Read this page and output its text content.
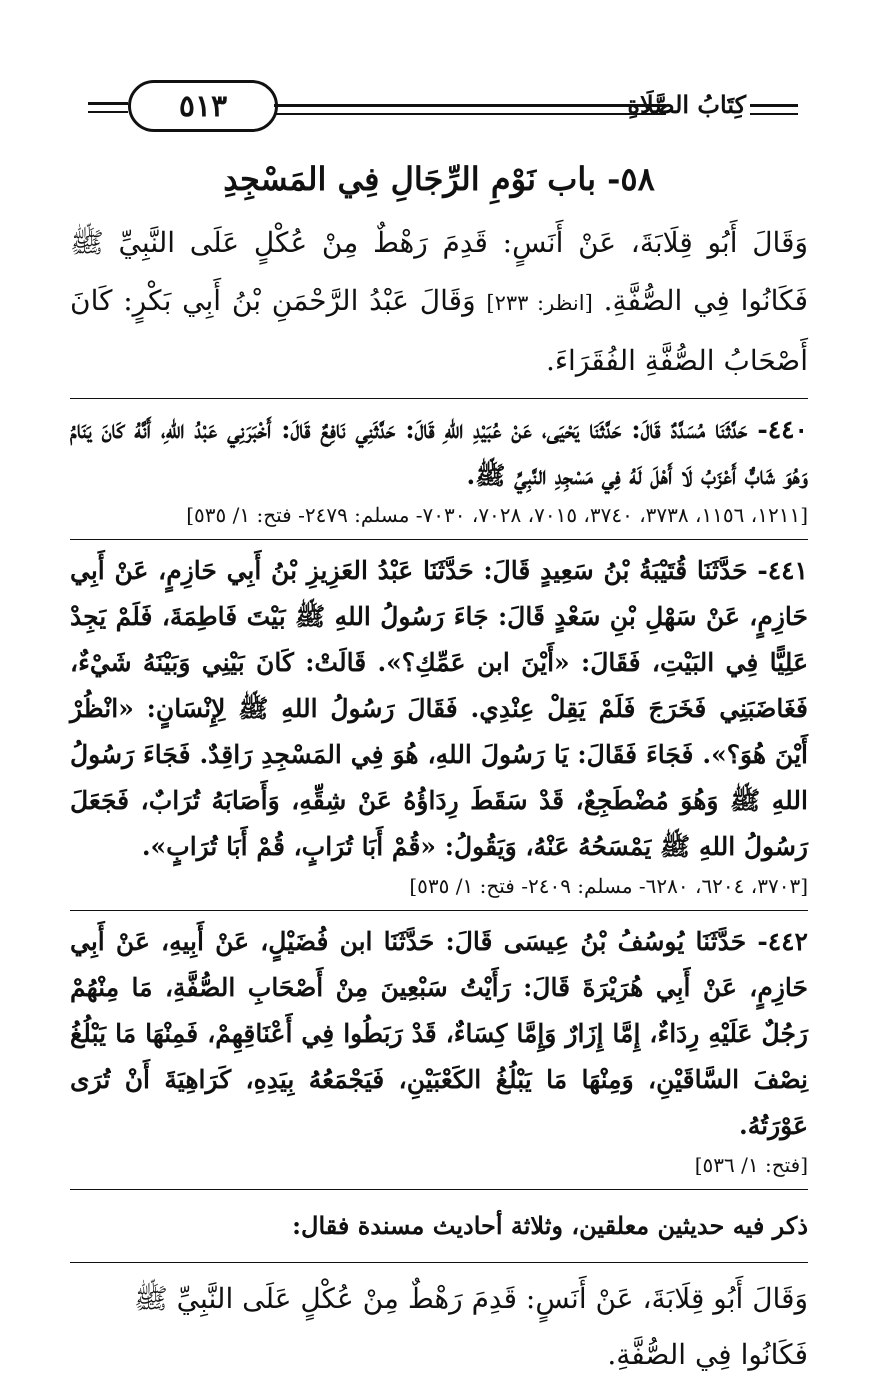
٥١٣	كِتَابُ الصَّلَاةِ
٥٨- باب نَوْمِ الرِّجَالِ فِي المَسْجِدِ

وَقَالَ أَبُو قِلَابَةَ، عَنْ أَنَسٍ: قَدِمَ رَهْطٌ مِنْ عُكْلٍ عَلَى النَّبِيِّ ﷺ فَكَانُوا فِي الصُّفَّةِ. [انظر: ٢٣٣] وَقَالَ عَبْدُ الرَّحْمَنِ بْنُ أَبِي بَكْرٍ: كَانَ أَصْحَابُ الصُّفَّةِ الفُقَرَاءَ.

٤٤٠- حَدَّثَنَا مُسَدَّدٌ قَالَ: حَدَّثَنَا يَحْيَى، عَنْ عُبَيْدِ اللهِ قَالَ: حَدَّثَنِي نَافِعٌ قَالَ: أَخْبَرَنِي عَبْدُ اللهِ، أَنَّهُ كَانَ يَنَامُ وَهُوَ شَابٌّ أَعْزَبُ لَا أَهْلَ لَهُ فِي مَسْجِدِ النَّبِيِّ ﷺ.

[١٢١١، ١١٥٦، ٣٧٣٨، ٣٧٤٠، ٧٠١٥، ٧٠٢٨، ٧٠٣٠- مسلم: ٢٤٧٩- فتح: ١/ ٥٣٥]

٤٤١- حَدَّثَنَا قُتَيْبَةُ بْنُ سَعِيدٍ قَالَ: حَدَّثَنَا عَبْدُ العَزِيزِ بْنُ أَبِي حَازِمٍ، عَنْ أَبِي حَازِمٍ، عَنْ سَهْلِ بْنِ سَعْدٍ قَالَ: جَاءَ رَسُولُ اللهِ ﷺ بَيْتَ فَاطِمَةَ، فَلَمْ يَجِدْ عَلِيًّا فِي البَيْتِ، فَقَالَ: «أَيْنَ ابن عَمِّكِ؟». قَالَتْ: كَانَ بَيْنِي وَبَيْنَهُ شَيْءٌ، فَغَاضَبَنِي فَخَرَجَ فَلَمْ يَقِلْ عِنْدِي. فَقَالَ رَسُولُ اللهِ ﷺ لِإِنْسَانٍ: «انْظُرْ أَيْنَ هُوَ؟». فَجَاءَ فَقَالَ: يَا رَسُولَ اللهِ، هُوَ فِي المَسْجِدِ رَاقِدٌ. فَجَاءَ رَسُولُ اللهِ ﷺ وَهُوَ مُضْطَجِعٌ، قَدْ سَقَطَ رِدَاؤُهُ عَنْ شِقِّهِ، وَأَصَابَهُ تُرَابٌ، فَجَعَلَ رَسُولُ اللهِ ﷺ يَمْسَحُهُ عَنْهُ، وَيَقُولُ: «قُمْ أَبَا تُرَابٍ، قُمْ أَبَا تُرَابٍ».

[٣٧٠٣، ٦٢٠٤، ٦٢٨٠- مسلم: ٢٤٠٩- فتح: ١/ ٥٣٥]

٤٤٢- حَدَّثَنَا يُوسُفُ بْنُ عِيسَى قَالَ: حَدَّثَنَا ابن فُضَيْلٍ، عَنْ أَبِيهِ، عَنْ أَبِي حَازِمٍ، عَنْ أَبِي هُرَيْرَةَ قَالَ: رَأَيْتُ سَبْعِينَ مِنْ أَصْحَابِ الصُّفَّةِ، مَا مِنْهُمْ رَجُلٌ عَلَيْهِ رِدَاءٌ، إِمَّا إِزَارٌ وَإِمَّا كِسَاءٌ، قَدْ رَبَطُوا فِي أَعْنَاقِهِمْ، فَمِنْهَا مَا يَبْلُغُ نِصْفَ السَّاقَيْنِ، وَمِنْهَا مَا يَبْلُغُ الكَعْبَيْنِ، فَيَجْمَعُهُ بِيَدِهِ، كَرَاهِيَةَ أَنْ تُرَى عَوْرَتُهُ.

[فتح: ١/ ٥٣٦]

ذكر فيه حديثين معلقين، وثلاثة أحاديث مسندة فقال:

وَقَالَ أَبُو قِلَابَةَ، عَنْ أَنَسٍ: قَدِمَ رَهْطٌ مِنْ عُكْلٍ عَلَى النَّبِيِّ ﷺ فَكَانُوا فِي الصُّفَّةِ.
